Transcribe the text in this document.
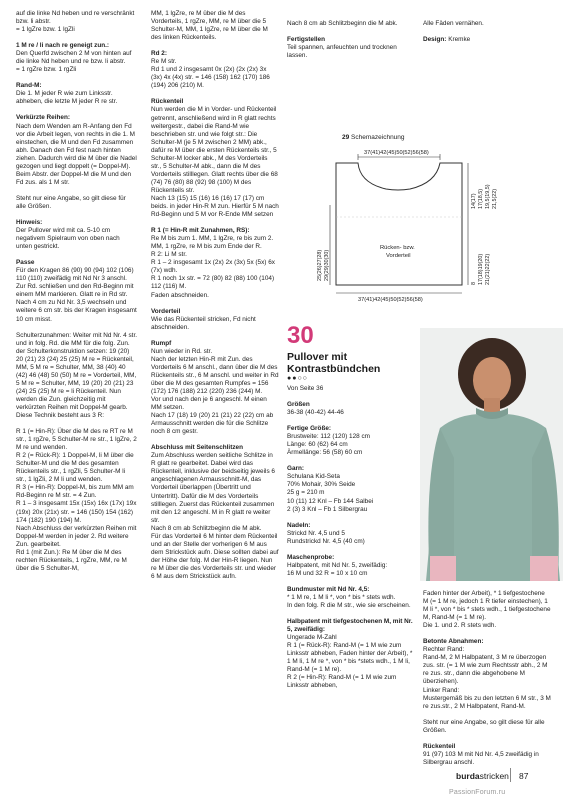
auf die linke Nd heben und re verschränkt bzw. li abstr.
= 1 lgZre bzw. 1 lgZli

1 M re / li nach re geneigt zun.:
Den Querfd zwischen 2 M von hinten auf die linke Nd heben und re bzw. li abstr.
= 1 rgZre bzw. 1 rgZli

Rand-M:
Die 1. M jeder R wie zum Linksstr. abheben, die letzte M jeder R re str.

Verkürzte Reihen:
Nach dem Wenden am R-Anfang den Fd vor die Arbeit legen, von rechts in die 1. M einstechen, die M und den Fd zusammen abh. Danach den Fd fest nach hinten ziehen. Dadurch wird die M über die Nadel gezogen und liegt doppelt (= Doppel-M).
Beim Abstr. der Doppel-M die M und den Fd zus. als 1 M str.

Steht nur eine Angabe, so gilt diese für alle Größen.

Hinweis:
Der Pullover wird mit ca. 5-10 cm negativem Spielraum von oben nach unten gestrickt.

Passe
Für den Kragen 86 (90) 90 (94) 102 (106) 110 (110) zweifädig mit Nd Nr 3 anschl. Zur Rd. schließen und den Rd-Beginn mit einem MM markieren. Glatt re in Rd str.
Nach 4 cm zu Nd Nr. 3,5 wechseln und weitere 6 cm str. bis der Kragen insgesamt 10 cm misst.

Schulterzunahmen: Weiter mit Nd Nr. 4 str. und in folg. Rd. die MM für die folg. Zun. der Schulterkonstruktion setzen: 19 (20) 20 (21) 23 (24) 25 (25) M re = Rückenteil, MM, 5 M re = Schulter, MM, 38 (40) 40 (42) 46 (48) 50 (50) M re = Vorderteil, MM, 5 M re = Schulter, MM, 19 (20) 20 (21) 23 (24) 25 (25) M re = li Rückenteil. Nun werden die Zun. gleichzeitig mit verkürzten Reihen mit Doppel-M gearb.
Diese Technik besteht aus 3 R:

R 1 (= Hin-R): Über die M des re RT re M str., 1 rgZre, 5 Schulter-M re str., 1 lgZre, 2 M re und wenden.
R 2 (= Rück-R): 1 Doppel-M, li M über die Schulter-M und die M des gesamten Rückenteils str., 1 rgZli, 5 Schulter-M li str., 1 lgZli, 2 M li und wenden.
R 3 (= Hin-R): Doppel-M, bis zum MM am Rd-Beginn re M str. = 4 Zun.
R 1 – 3 insgesamt 15x (15x) 16x (17x) 19x (19x) 20x (21x) str. = 146 (150) 154 (162) 174 (182) 190 (194) M.
Nach Abschluss der verkürzten Reihen mit Doppel-M werden in jeder 2. Rd weitere Zun. gearbeitet.
Rd 1 (mit Zun.): Re M über die M des rechten Rückenteils, 1 rgZre, MM, re M über die 5 Schulter-M,

MM, 1 lgZre, re M über die M des Vorderteils, 1 rgZre, MM, re M über die 5 Schulter-M, MM, 1 lgZre, re M über die M des linken Rückenteils.

Rd 2:
Re M str.
Rd 1 und 2 insgesamt 0x (2x) (2x (2x) 3x (3x) 4x (4x) str. = 146 (158) 162 (170) 186 (194) 206 (210) M.

Rückenteil
Nun werden die M in Vorder- und Rückenteil getrennt, anschließend wird in R glatt rechts weitergestr., dabei die Rand-M wie beschrieben str. und wie folgt str.: Die Schulter-M (je 5 M zwischen 2 MM) abk., dafür re M über die ersten Rückenteils str., 5 Schulter-M locker abk., M des Vorderteils str., 5 Schulter-M abk., dann die M des Vorderteils stilllegen. Glatt rechts über die 68 (74) 76 (80) 88 (92) 98 (100) M des Rückenteils str.
Nach 13 (15) 15 (16) 16 (16) 17 (17) cm beids. in jeder Hin-R M zun. Hierfür 5 M nach Rd-Beginn und 5 M vor R-Ende MM setzen

R 1 (= Hin-R mit Zunahmen, RS):
Re M bis zum 1. MM, 1 lgZre, re bis zum 2. MM, 1 rgZre, re M bis zum Ende der R.
R 2: Li M str.
R 1 – 2 insgesamt 1x (2x) 2x (3x) 5x (5x) 6x (7x) wdh.
R 1 noch 1x str. = 72 (80) 82 (88) 100 (104) 112 (116) M.
Faden abschneiden.

Vorderteil
Wie das Rückenteil stricken, Fd nicht abschneiden.

Rumpf
Nun wieder in Rd. str.
Nach der letzten Hin-R mit Zun. des Vorderteils 6 M anschl., dann über die M des Rückenteils str., 6 M anschl. und weiter in Rd über die M des gesamten Rumpfes = 156 (172) 176 (188) 212 (220) 236 (244) M.
Vor und nach den je 6 angeschl. M einen MM setzen.
Nach 17 (18) 19 (20) 21 (21) 22 (22) cm ab Armausschnitt werden die für die Schlitze noch 8 cm gestr.

Abschluss mit Seitenschlitzen
Zum Abschluss werden seitliche Schlitze in R glatt re gearbeitet. Dabei wird das Rückenteil, inklusive der beidseitig jeweils 6 angeschlagenen Armausschnitt-M, das Vorderteil überlappen (Übertritt und Untertritt). Dafür die M des Vorderteils stilllegen. Zuerst das Rückenteil zusammen mit den 12 angeschl. M in R glatt re weiter str.
Nach 8 cm ab Schlitzbeginn die M abk.
Für das Vorderteil 6 M hinter dem Rückenteil und an der Stelle der vorherigen 6 M aus dem Strickstück aufn. Diese sollten dabei auf der Höhe der folg. M der Hin-R liegen. Nun re M über die des Vorderteils str. und wieder 6 M aus dem Strickstück aufn.

Nach 8 cm ab Schlitzbeginn die M abk.

Fertigstellen
Teil spannen, anfeuchten und trocknen lassen.

Alle Fäden vernähen.

Design: Kremke

29 Schemazeichnung
37(41)42(45)50(52)56(58)
Rücken- bzw.
Vorderteil
37(41)42(45)50(52)56(58)
14(17) 17(18,5) 19,5(19,5) 21,5(22)
8 17(18)19(20) 21(21)22(22)
25(26)27(28) 29(29)30(30)
30
Pullover mit Kontrastbündchen
●●○○

Von Seite 36

Größen
36-38 (40-42) 44-46

Fertige Größe:
Brustweite: 112 (120) 128 cm
Länge: 60 (62) 64 cm
Ärmellänge: 56 (58) 60 cm

Garn:
Schulana Kid-Seta
70% Mohair, 30% Seide
25 g = 210 m
10 (11) 12 Knl – Fb 144 Salbei
2 (3) 3 Knl – Fb 1 Silbergrau

Nadeln:
Strickd Nr. 4,5 und 5
Rundstrickd Nr. 4,5 (40 cm)

Maschenprobe:
Halbpatent, mit Nd Nr. 5, zweifädig:
16 M und 32 R = 10 x 10 cm

Bundmuster mit Nd Nr. 4,5:
* 1 M re, 1 M li *, von * bis * stets wdh.
In den folg. R die M str., wie sie erscheinen.

Halbpatent mit tiefgestochenen M, mit Nr. 5, zweifädig:
Ungerade M-Zahl
R 1 (= Rück-R): Rand-M (= 1 M wie zum Linksstr abheben, Faden hinter der Arbeit), * 1 M li, 1 M re *, von * bis *stets wdh., 1 M li, Rand-M (= 1 M re).
R 2 (= Hin-R): Rand-M (= 1 M wie zum Linksstr abheben,

Faden hinter der Arbeit), * 1 tiefgestochene M (= 1 M re, jedoch 1 R tiefer einstechen), 1 M li *, von * bis * stets wdh., 1 tiefgestochene M, Rand-M (= 1 M re).
Die 1. und 2. R stets wdh.

Betonte Abnahmen:
Rechter Rand:
Rand-M, 2 M Halbpatent, 3 M re überzogen zus. str. (= 1 M wie zum Rechtsstr abh., 2 M re zus. str., dann die abgehobene M überziehen).
Linker Rand:
Mustergemäß bis zu den letzten 6 M str., 3 M re zus.str., 2 M Halbpatent, Rand-M.

Steht nur eine Angabe, so gilt diese für alle Größen.

Rückenteil
91 (97) 103 M mit Nd Nr. 4,5 zweifädig in Silbergrau anschl.

burdastricken 87
PassionForum.ru
